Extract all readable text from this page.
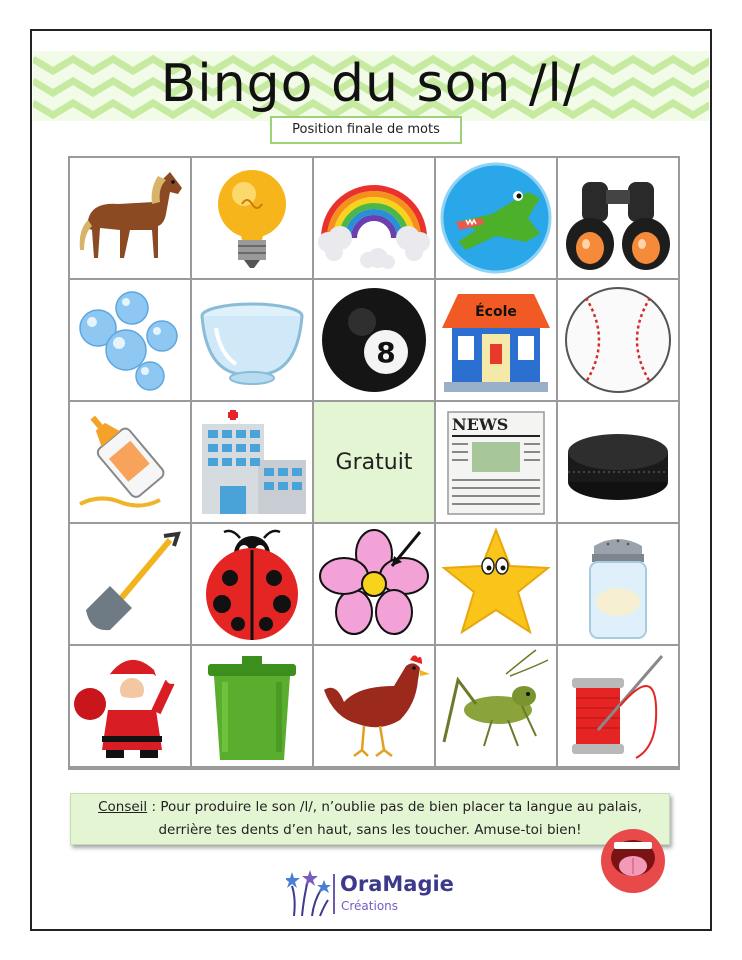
Bingo du son /l/
Position finale de mots
8
École
Gratuit
NEWS
Conseil : Pour produire le son /l/, n’oublie pas de bien placer ta langue au palais,
derrière tes dents d’en haut, sans les toucher. Amuse-toi bien!
OraMagie
Créations
